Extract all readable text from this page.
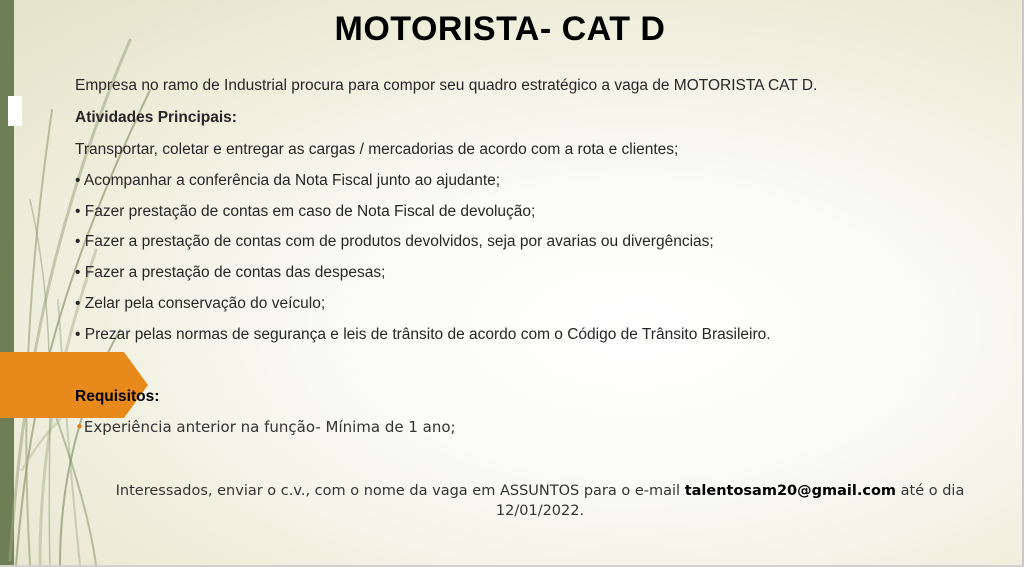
MOTORISTA- CAT D
Empresa no ramo de Industrial procura para compor seu quadro estratégico a vaga de MOTORISTA CAT D.
Atividades Principais:
Transportar, coletar e entregar as cargas / mercadorias de acordo com a rota e clientes;
• Acompanhar a conferência da Nota Fiscal junto ao ajudante;
• Fazer prestação de contas em caso de Nota Fiscal de devolução;
• Fazer a prestação de contas com de produtos devolvidos, seja por avarias ou divergências;
• Fazer a prestação de contas das despesas;
• Zelar pela conservação do veículo;
• Prezar pelas normas de segurança e leis de trânsito de acordo com o Código de Trânsito Brasileiro.
Requisitos:
•Experiência anterior na função- Mínima de 1 ano;
Interessados, enviar o c.v., com o nome da vaga em ASSUNTOS para o e-mail talentosam20@gmail.com até o dia 12/01/2022.
